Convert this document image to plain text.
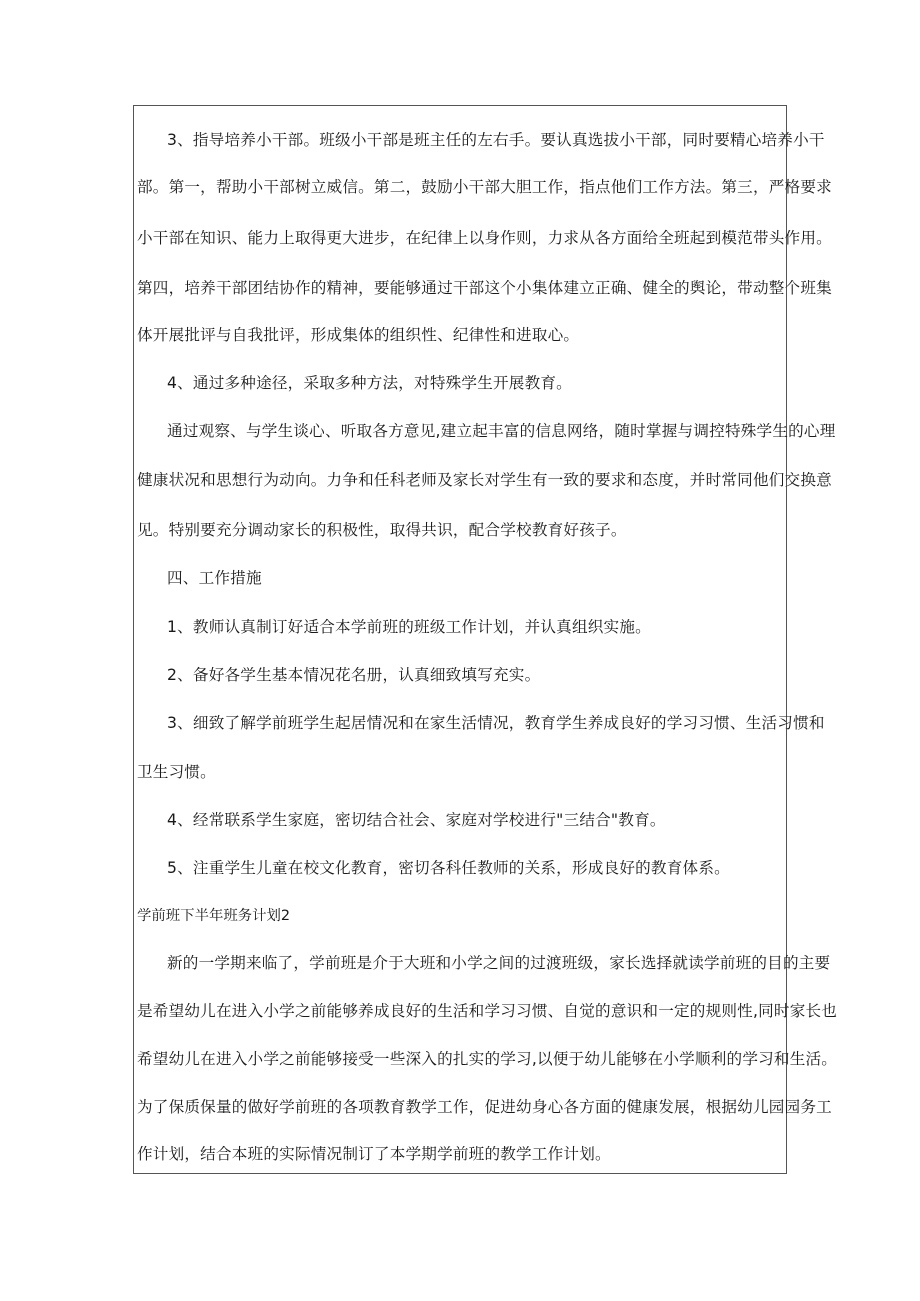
3、指导培养小干部。班级小干部是班主任的左右手。要认真选拔小干部，同时要精心培养小干
部。第一，帮助小干部树立威信。第二，鼓励小干部大胆工作，指点他们工作方法。第三，严格要求
小干部在知识、能力上取得更大进步，在纪律上以身作则，力求从各方面给全班起到模范带头作用。
第四，培养干部团结协作的精神，要能够通过干部这个小集体建立正确、健全的舆论，带动整个班集
体开展批评与自我批评，形成集体的组织性、纪律性和进取心。
4、通过多种途径，采取多种方法，对特殊学生开展教育。
通过观察、与学生谈心、听取各方意见,建立起丰富的信息网络，随时掌握与调控特殊学生的心理
健康状况和思想行为动向。力争和任科老师及家长对学生有一致的要求和态度，并时常同他们交换意
见。特别要充分调动家长的积极性，取得共识，配合学校教育好孩子。
四、工作措施
1、教师认真制订好适合本学前班的班级工作计划，并认真组织实施。
2、备好各学生基本情况花名册，认真细致填写充实。
3、细致了解学前班学生起居情况和在家生活情况，教育学生养成良好的学习习惯、生活习惯和
卫生习惯。
4、经常联系学生家庭，密切结合社会、家庭对学校进行"三结合"教育。
5、注重学生儿童在校文化教育，密切各科任教师的关系，形成良好的教育体系。
学前班下半年班务计划2
新的一学期来临了，学前班是介于大班和小学之间的过渡班级，家长选择就读学前班的目的主要
是希望幼儿在进入小学之前能够养成良好的生活和学习习惯、自觉的意识和一定的规则性,同时家长也
希望幼儿在进入小学之前能够接受一些深入的扎实的学习,以便于幼儿能够在小学顺利的学习和生活。
为了保质保量的做好学前班的各项教育教学工作，促进幼身心各方面的健康发展，根据幼儿园园务工
作计划，结合本班的实际情况制订了本学期学前班的教学工作计划。
